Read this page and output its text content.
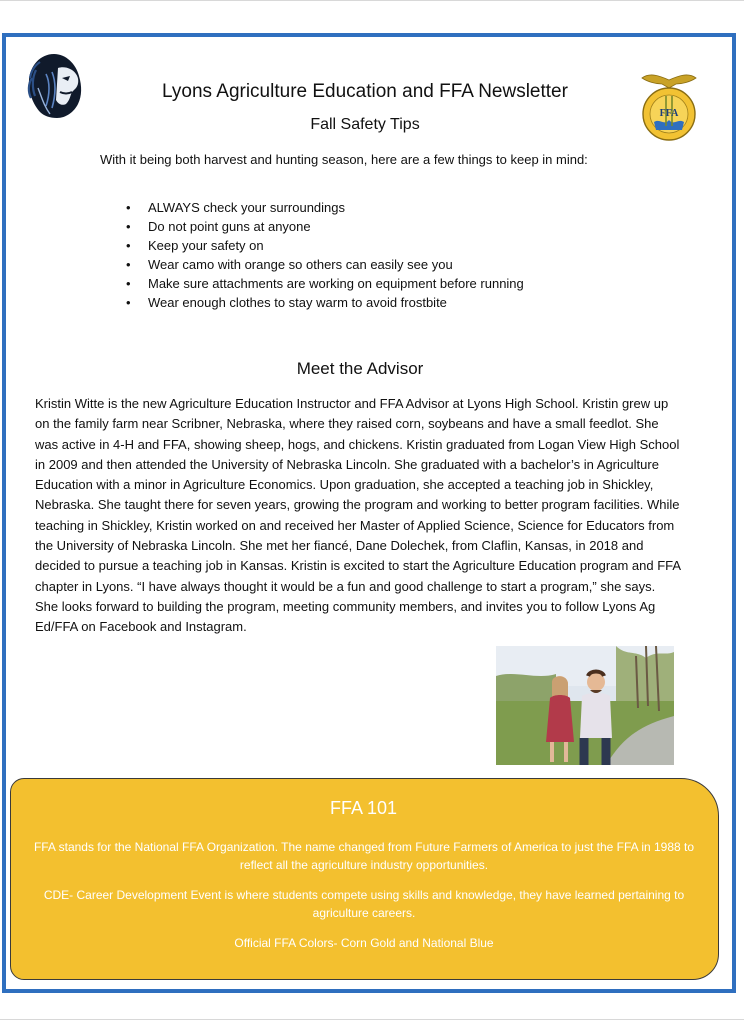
FFA
Lyons Agriculture Education and FFA Newsletter
Fall Safety Tips
With it being both harvest and hunting season, here are a few things to keep in mind:
• ALWAYS check your surroundings
• Do not point guns at anyone
• Keep your safety on
• Wear camo with orange so others can easily see you
• Make sure attachments are working on equipment before running
• Wear enough clothes to stay warm to avoid frostbite
Meet the Advisor

Kristin Witte is the new Agriculture Education Instructor and FFA Advisor at Lyons High School. Kristin grew up on the family farm near Scribner, Nebraska, where they raised corn, soybeans and have a small feedlot. She was active in 4-H and FFA, showing sheep, hogs, and chickens. Kristin graduated from Logan View High School in 2009 and then attended the University of Nebraska Lincoln. She graduated with a bachelor’s in Agriculture Education with a minor in Agriculture Economics. Upon graduation, she accepted a teaching job in Shickley, Nebraska. She taught there for seven years, growing the program and working to better program facilities. While teaching in Shickley, Kristin worked on and received her Master of Applied Science, Science for Educators from the University of Nebraska Lincoln. She met her fiancé, Dane Dolechek, from Claflin, Kansas, in 2018 and decided to pursue a teaching job in Kansas. Kristin is excited to start the Agriculture Education program and FFA chapter in Lyons. “I have always thought it would be a fun and good challenge to start a program,” she says. She looks forward to building the program, meeting community members, and invites you to follow Lyons Ag Ed/FFA on Facebook and Instagram.

FFA 101

FFA stands for the National FFA Organization. The name changed from Future Farmers of America to just the FFA in 1988 to reflect all the agriculture industry opportunities.

CDE- Career Development Event is where students compete using skills and knowledge, they have learned pertaining to agriculture careers.

Official FFA Colors- Corn Gold and National Blue
